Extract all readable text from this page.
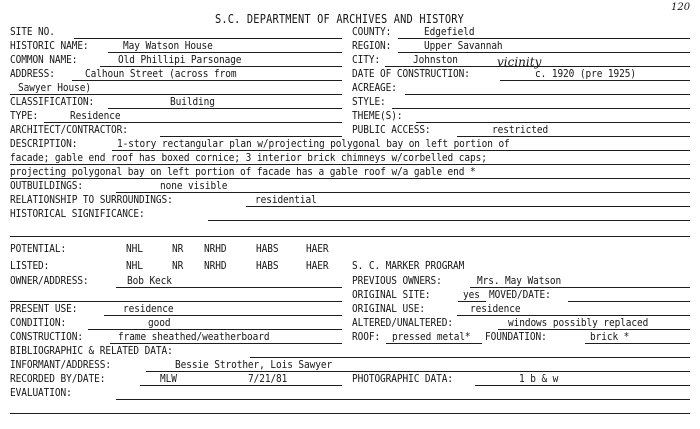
120
S.C. DEPARTMENT OF ARCHIVES AND HISTORY
SITE NO.	COUNTY:	Edgefield
HISTORIC NAME:	May Watson House	REGION:	Upper Savannah
COMMON NAME:	Old Phillipi Parsonage	CITY:	Johnston	vicinity
ADDRESS:	Calhoun Street (across from	DATE OF CONSTRUCTION:	c. 1920 (pre 1925)
Sawyer House)	ACREAGE:
CLASSIFICATION:	Building	STYLE:
TYPE:	Residence	THEME(S):
ARCHITECT/CONTRACTOR:	PUBLIC ACCESS:	restricted
DESCRIPTION:	1-story rectangular plan w/projecting polygonal bay on left portion of
facade; gable end roof has boxed cornice; 3 interior brick chimneys w/corbelled caps;
projecting polygonal bay on left portion of facade has a gable roof w/a gable end *
OUTBUILDINGS:	none visible
RELATIONSHIP TO SURROUNDINGS:	residential
HISTORICAL SIGNIFICANCE:
POTENTIAL:	NHL	NR NRHD	HABS	HAER
LISTED:	NHL	NR NRHD	HABS	HAER S. C. MARKER PROGRAM
OWNER/ADDRESS:	Bob Keck	PREVIOUS OWNERS:	Mrs. May Watson
ORIGINAL SITE:	yes MOVED/DATE:
PRESENT USE:	residence	ORIGINAL USE:	residence
CONDITION:	good	ALTERED/UNALTERED:	windows possibly replaced
CONSTRUCTION:	frame sheathed/weatherboard	ROOF: pressed metal* FOUNDATION:	brick *
BIBLIOGRAPHIC & RELATED DATA:
INFORMANT/ADDRESS:	Bessie Strother, Lois Sawyer
RECORDED BY/DATE:	MLW	7/21/81	PHOTOGRAPHIC DATA:	1 b & w
EVALUATION:
